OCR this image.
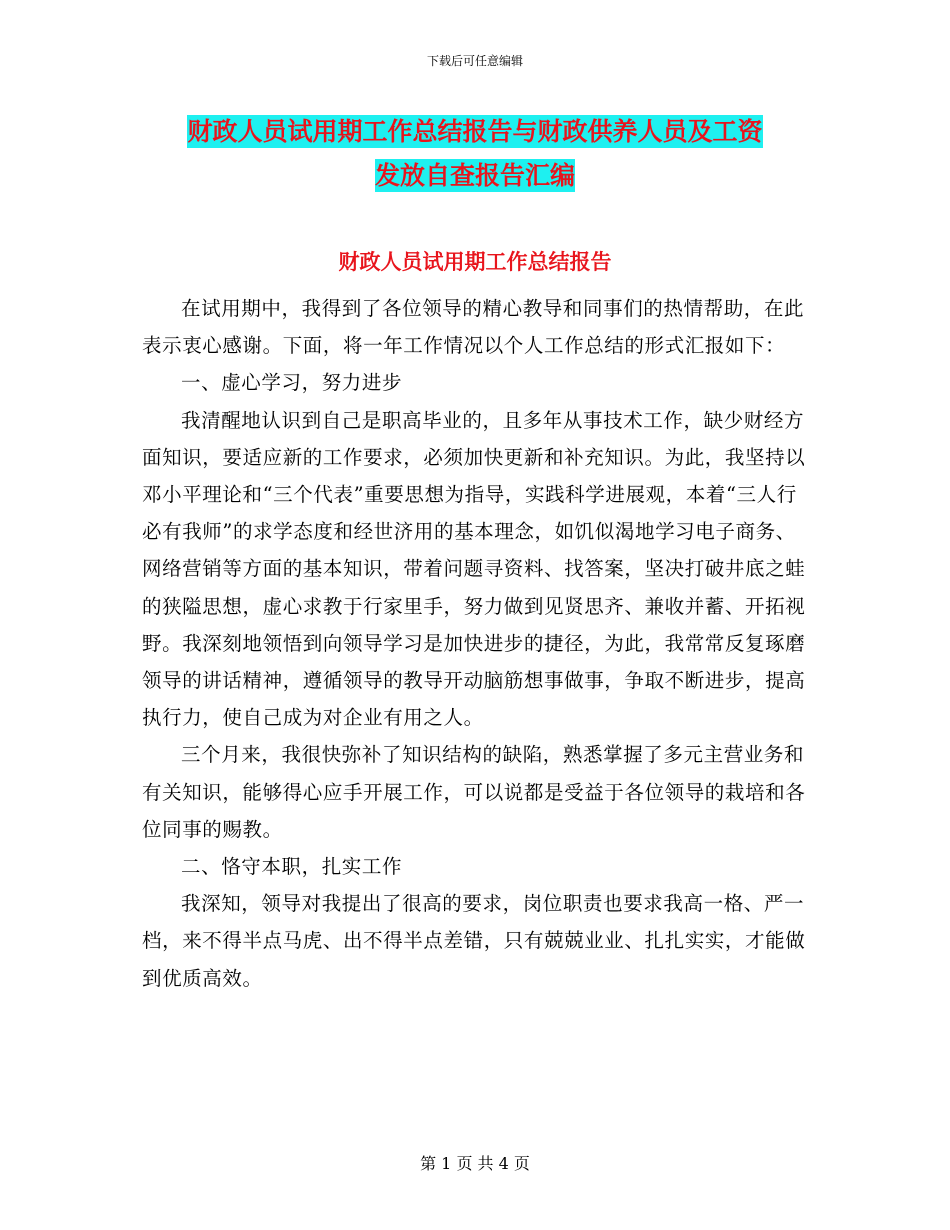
下载后可任意编辑
财政人员试用期工作总结报告与财政供养人员及工资
发放自查报告汇编
财政人员试用期工作总结报告

在试用期中，我得到了各位领导的精心教导和同事们的热情帮助，在此表示衷心感谢。下面，将一年工作情况以个人工作总结的形式汇报如下：

一、虚心学习，努力进步

我清醒地认识到自己是职高毕业的，且多年从事技术工作，缺少财经方面知识，要适应新的工作要求，必须加快更新和补充知识。为此，我坚持以邓小平理论和“三个代表”重要思想为指导，实践科学进展观，本着“三人行必有我师”的求学态度和经世济用的基本理念，如饥似渴地学习电子商务、网络营销等方面的基本知识，带着问题寻资料、找答案，坚决打破井底之蛙的狭隘思想，虚心求教于行家里手，努力做到见贤思齐、兼收并蓄、开拓视野。我深刻地领悟到向领导学习是加快进步的捷径，为此，我常常反复琢磨领导的讲话精神，遵循领导的教导开动脑筋想事做事，争取不断进步，提高执行力，使自己成为对企业有用之人。

三个月来，我很快弥补了知识结构的缺陷，熟悉掌握了多元主营业务和有关知识，能够得心应手开展工作，可以说都是受益于各位领导的栽培和各位同事的赐教。

二、恪守本职，扎实工作

我深知，领导对我提出了很高的要求，岗位职责也要求我高一格、严一档，来不得半点马虎、出不得半点差错，只有兢兢业业、扎扎实实，才能做到优质高效。

第 1 页 共 4 页
